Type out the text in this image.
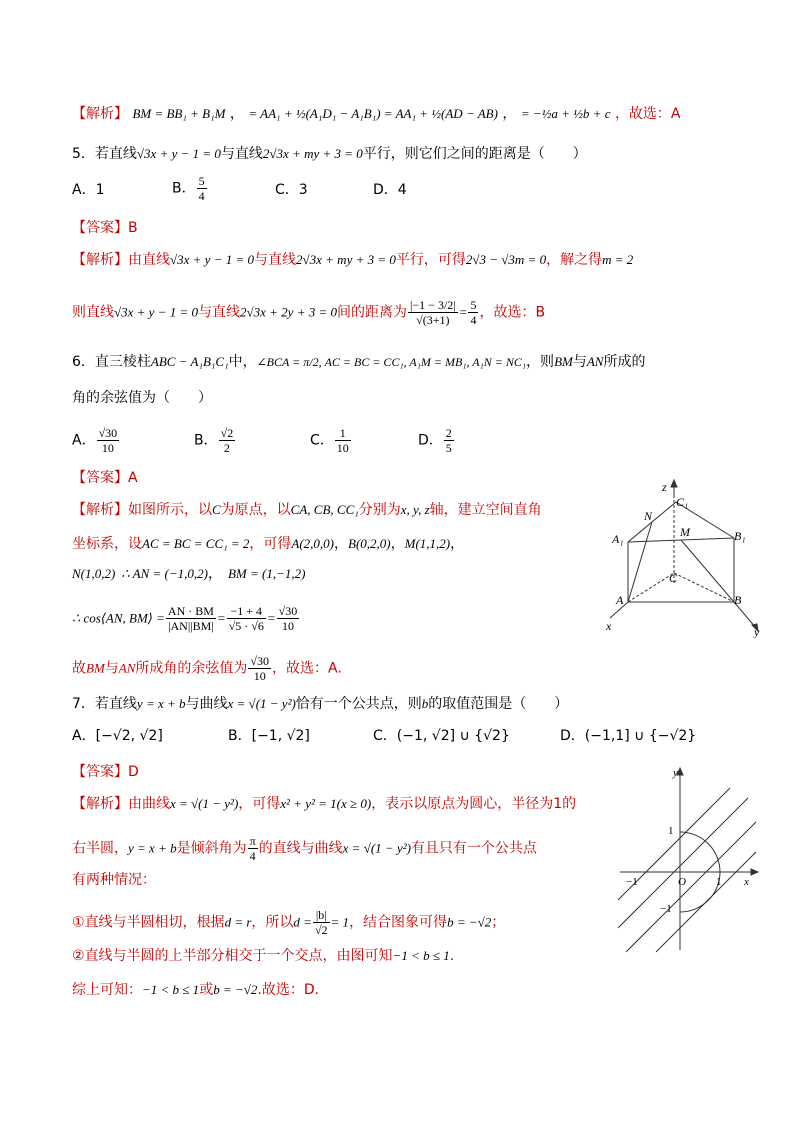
【解析】 BM = BB₁ + B₁M ， = AA₁ + ½(A₁D₁ − A₁B₁) = AA₁ + ½(AD − AB) ， = −½a + ½b + c ，故选：A
5．若直线√3x + y − 1 = 0与直线2√3x + my + 3 = 0平行，则它们之间的距离是（　　）
A．1	B． $\frac{5}{4}$	C．3	D．4
【答案】B
【解析】由直线√3x + y − 1 = 0与直线2√3x + my + 3 = 0平行，可得2√3 − √3m = 0，解之得m = 2
则直线√3x + y − 1 = 0与直线2√3x + 2y + 3 = 0间的距离为 $\frac{|-1 - 3/2|}{√(3+1)} = \frac{5}{4}$ ，故选：B
6．直三棱柱ABC − A₁B₁C₁中，∠BCA = π/2, AC = BC = CC₁, A₁M = MB₁, A₁N = NC₁，则BM与AN所成的
角的余弦值为（　　）
A． $\frac{√30}{10}$	B． $\frac{√2}{2}$	C． $\frac{1}{10}$	D． $\frac{2}{5}$
【答案】A
【解析】如图所示，以C为原点，以CA, CB, CC₁分别为x, y, z轴，建立空间直角
坐标系，设AC = BC = CC₁ = 2，可得A(2,0,0)，B(0,2,0)，M(1,1,2)，
N(1,0,2) ∴ AN = (−1,0,2)， BM = (1,−1,2)
∴ cos⟨AN, BM⟩ = $\frac{AN \cdot BM}{|AN||BM|} = \frac{-1 + 4}{√5 \cdot √6} = \frac{√30}{10}$
故BM与AN所成角的余弦值为 $\frac{√30}{10}$ ，故选：A.
z
C₁
N
A₁	M	B₁
C
A	B
x	y
7．若直线y = x + b与曲线x = √(1 − y²)恰有一个公共点，则b的取值范围是（　　）
A．[−√2, √2]	B．[−1, √2]	C．(−1, √2] ∪ {√2}	D．(−1,1] ∪ {−√2}
【答案】D
【解析】由曲线x = √(1 − y²)，可得x² + y² = 1(x ≥ 0)，表示以原点为圆心，半径为1的
右半圆，y = x + b是倾斜角为 $\frac{\pi}{4}$ 的直线与曲线x = √(1 − y²)有且只有一个公共点
有两种情况：
①直线与半圆相切，根据d = r，所以$d = \frac{|b|}{√2} = 1$，结合图象可得b = −√2；
②直线与半圆的上半部分相交于一个交点，由图可知−1 < b ≤ 1.
综上可知：−1 < b ≤ 1或b = −√2.故选：D.
y
1
−1	O	1 x
−1
